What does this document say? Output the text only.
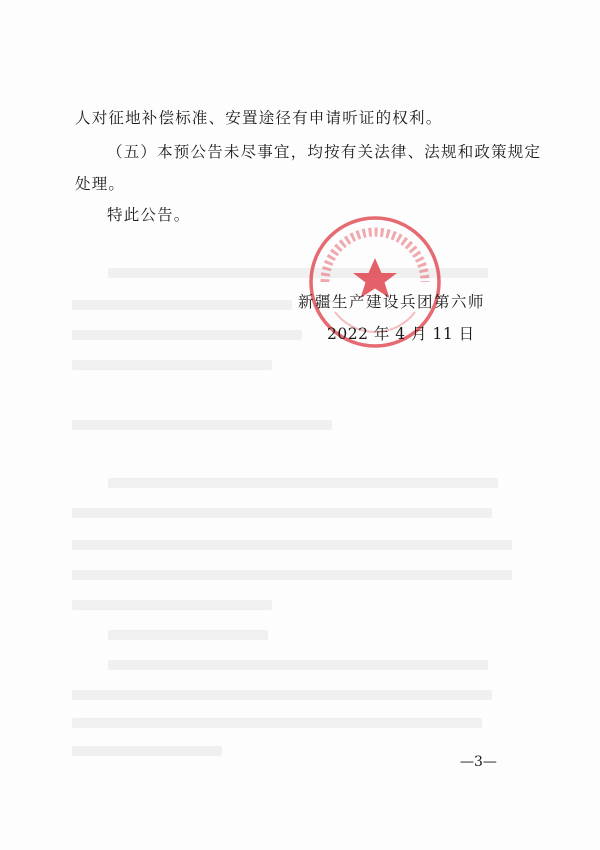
人对征地补偿标准、安置途径有申请听证的权利。
（五）本预公告未尽事宜，均按有关法律、法规和政策规定
处理。
特此公告。
新疆生产建设兵团第六师
2022 年 4 月 11 日
—3—
